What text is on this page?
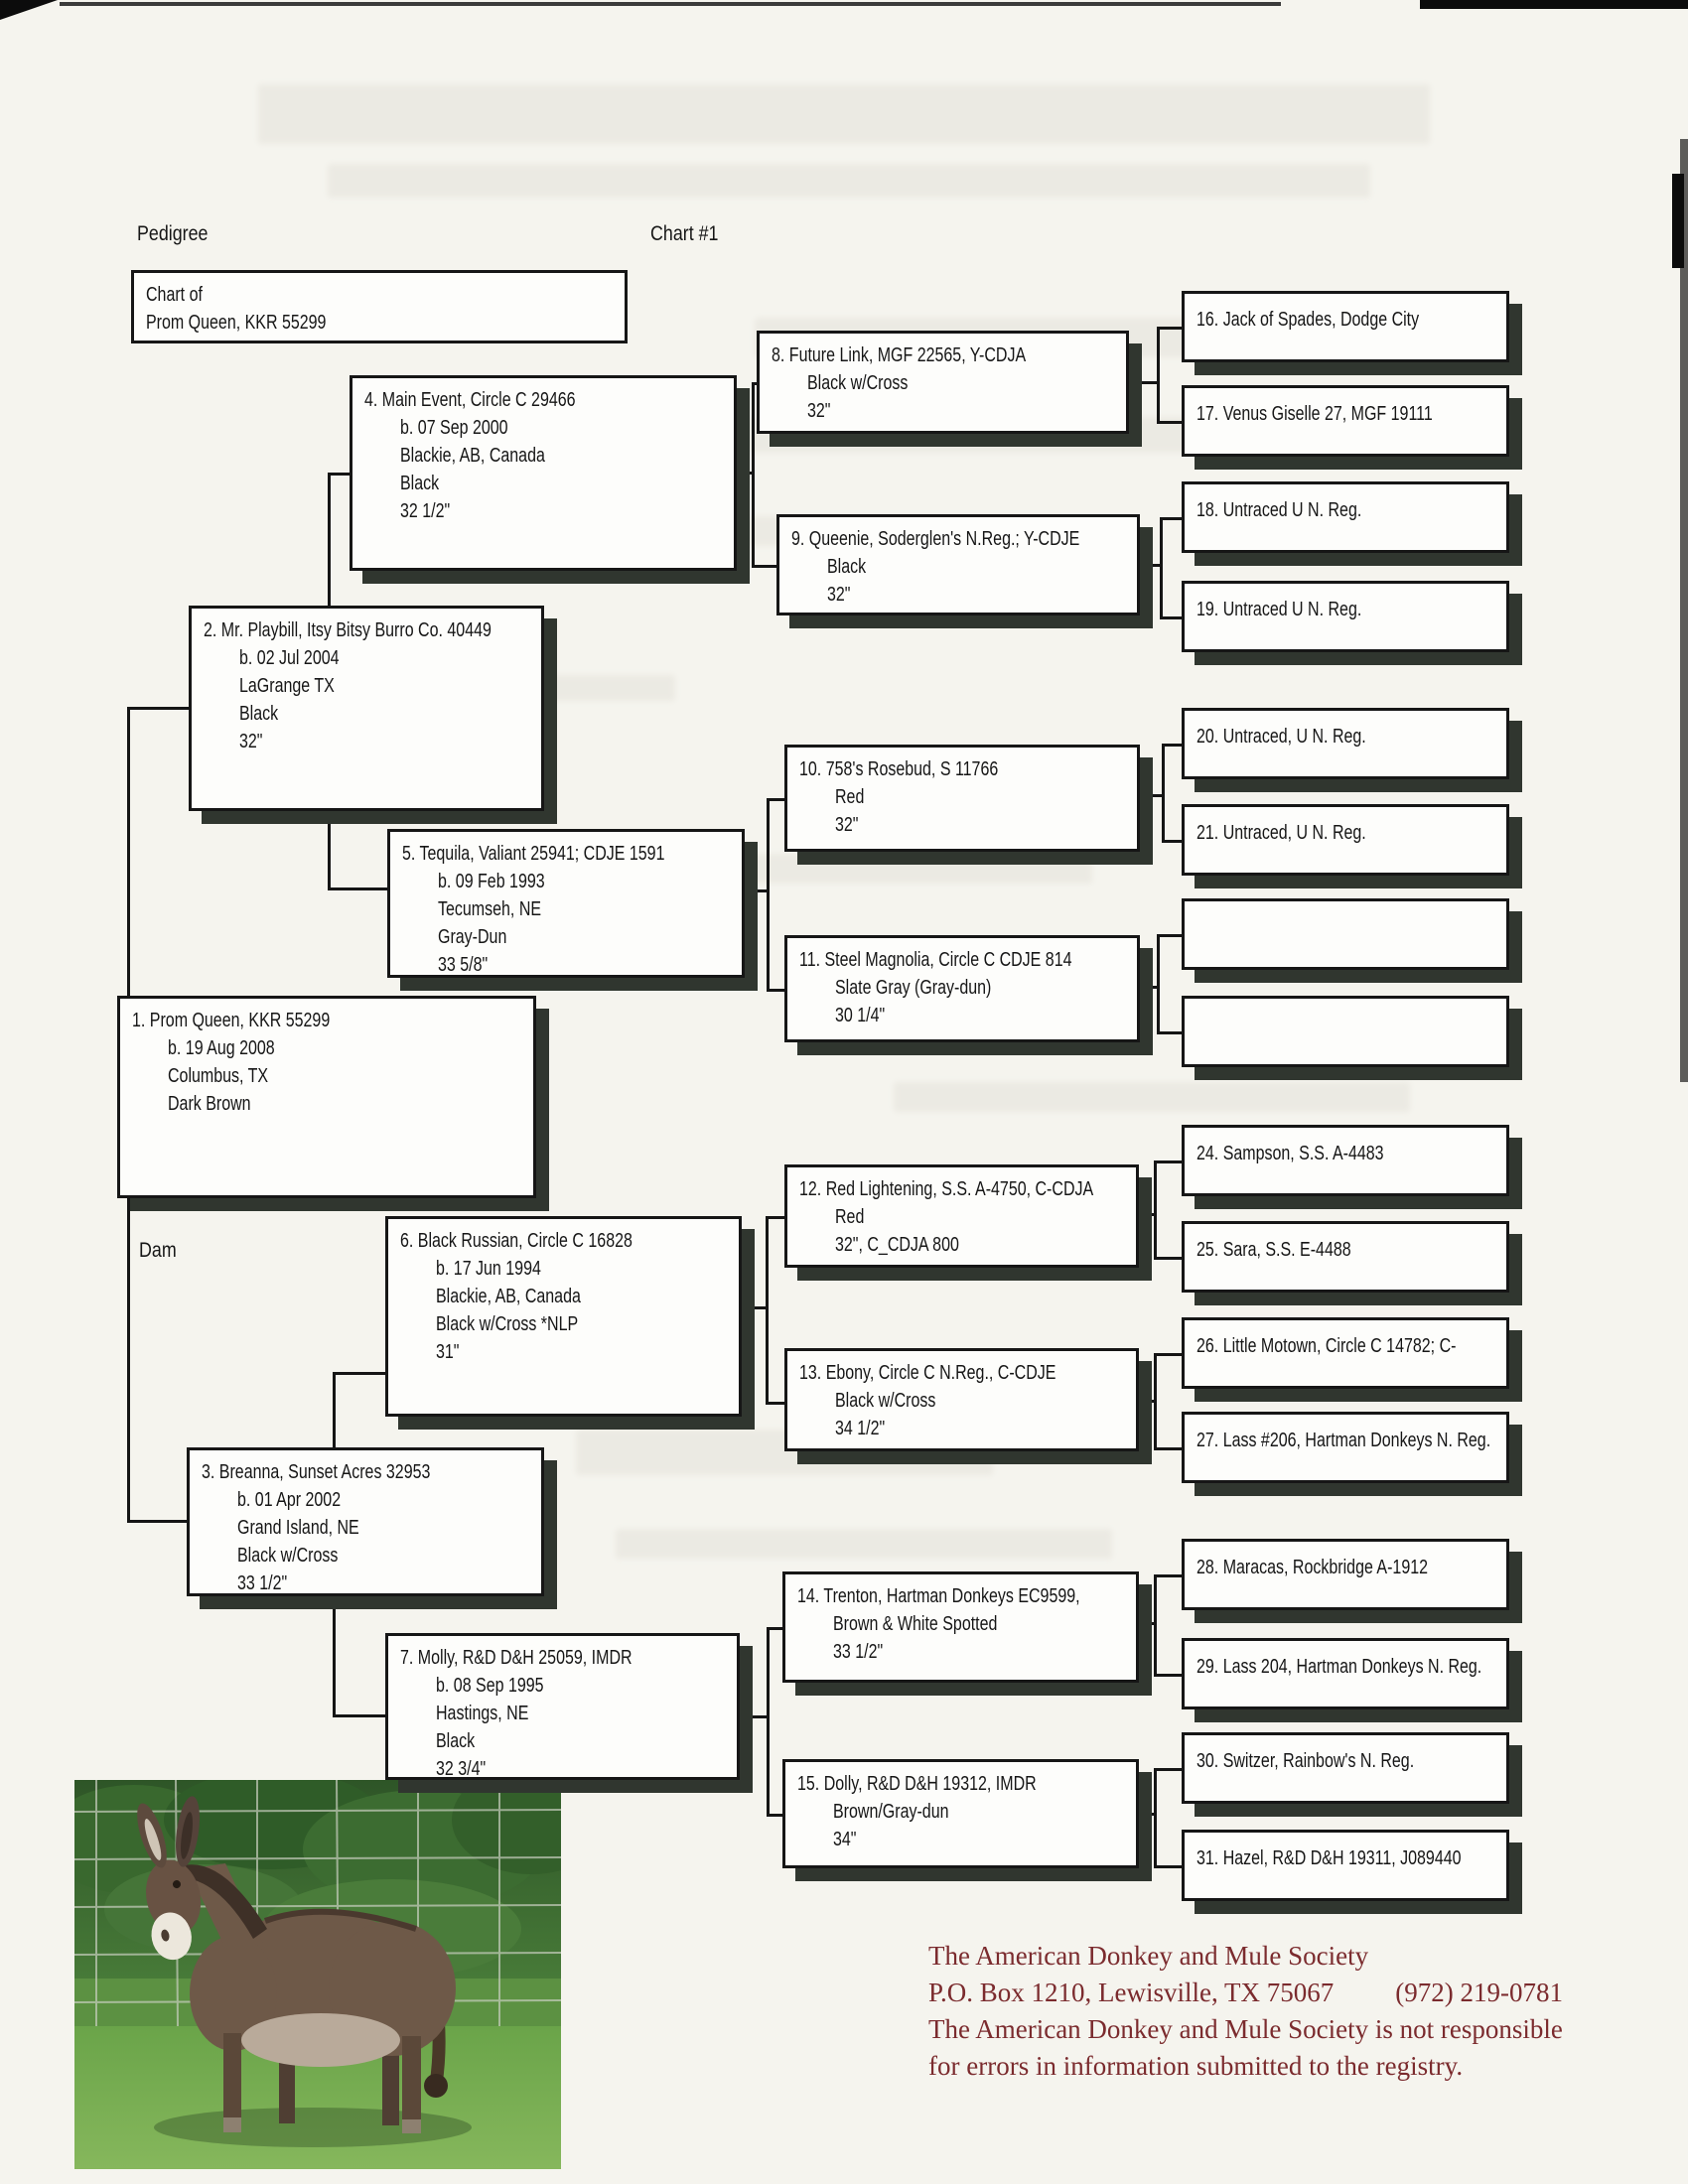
Pedigree	Chart #1
Dam
Chart of
Prom Queen, KKR 55299
1. Prom Queen, KKR 55299
b. 19 Aug 2008
Columbus, TX
Dark Brown
2. Mr. Playbill, Itsy Bitsy Burro Co. 40449
b. 02 Jul 2004
LaGrange TX
Black
32"
3. Breanna, Sunset Acres 32953
b. 01 Apr 2002
Grand Island, NE
Black w/Cross
33 1/2"
4. Main Event, Circle C 29466
b. 07 Sep 2000
Blackie, AB, Canada
Black
32 1/2"
5. Tequila, Valiant 25941; CDJE 1591
b. 09 Feb 1993
Tecumseh, NE
Gray-Dun
33 5/8"
6. Black Russian, Circle C 16828
b. 17 Jun 1994
Blackie, AB, Canada
Black w/Cross *NLP
31"
7. Molly, R&D D&H 25059, IMDR
b. 08 Sep 1995
Hastings, NE
Black
32 3/4"
8. Future Link, MGF 22565, Y-CDJA
Black w/Cross
32"
9. Queenie, Soderglen's N.Reg.; Y-CDJE
Black
32"
10. 758's Rosebud, S 11766
Red
32"
11. Steel Magnolia, Circle C CDJE 814
Slate Gray (Gray-dun)
30 1/4"
12. Red Lightening, S.S. A-4750, C-CDJA
Red
32", C_CDJA 800
13. Ebony, Circle C N.Reg., C-CDJE
Black w/Cross
34 1/2"
14. Trenton, Hartman Donkeys EC9599,
Brown & White Spotted
33 1/2"
15. Dolly, R&D D&H 19312, IMDR
Brown/Gray-dun
34"
16. Jack of Spades, Dodge City
17. Venus Giselle 27, MGF 19111
18. Untraced U N. Reg.
19. Untraced U N. Reg.
20. Untraced, U N. Reg.
21. Untraced, U N. Reg.
24. Sampson, S.S. A-4483
25. Sara, S.S. E-4488
26. Little Motown, Circle C 14782; C-
27. Lass #206, Hartman Donkeys N. Reg.
28. Maracas, Rockbridge A-1912
29. Lass 204, Hartman Donkeys N. Reg.
30. Switzer, Rainbow's N. Reg.
31. Hazel, R&D D&H 19311, J089440
The American Donkey and Mule Society
P.O. Box 1210, Lewisville, TX 75067 (972) 219-0781
The American Donkey and Mule Society is not responsible
for errors in information submitted to the registry.
